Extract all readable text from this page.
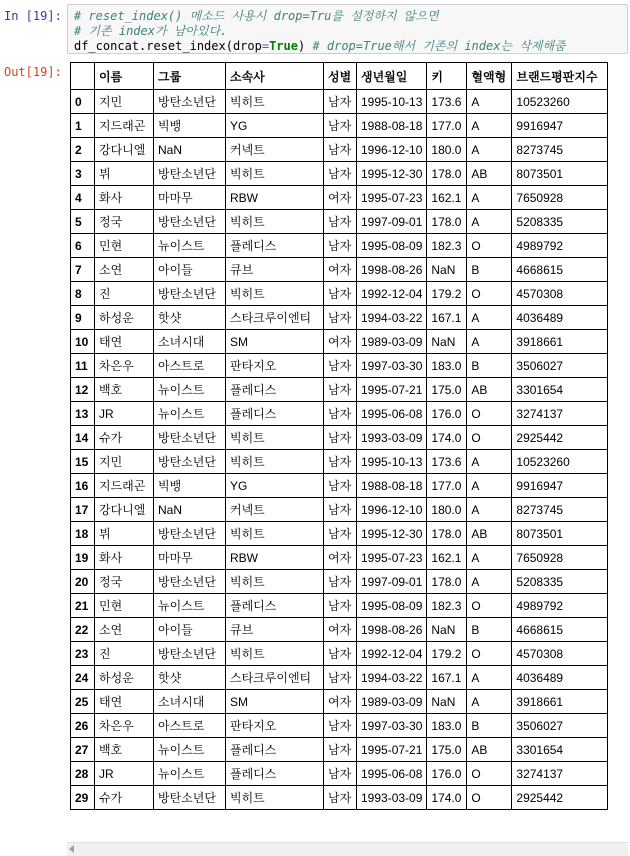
In [19]:	# reset_index() 메소드 사용시 drop=Tru를 설정하지 않으면
# 기존 index가 남아있다.
df_concat.reset_index(drop=True) # drop=True해서 기존의 index는 삭제해줌
Out[19]:
		이름	그룹	소속사	성별	생년월일	키	혈액형	브랜드평판지수
0	지민	방탄소년단	빅히트	남자	1995-10-13	173.6	A	10523260
1	지드래곤	빅뱅	YG	남자	1988-08-18	177.0	A	9916947
2	강다니엘	NaN	커넥트	남자	1996-12-10	180.0	A	8273745
3	뷔	방탄소년단	빅히트	남자	1995-12-30	178.0	AB	8073501
4	화사	마마무	RBW	여자	1995-07-23	162.1	A	7650928
5	정국	방탄소년단	빅히트	남자	1997-09-01	178.0	A	5208335
6	민현	뉴이스트	플레디스	남자	1995-08-09	182.3	O	4989792
7	소연	아이들	큐브	여자	1998-08-26	NaN	B	4668615
8	진	방탄소년단	빅히트	남자	1992-12-04	179.2	O	4570308
9	하성운	핫샷	스타크루이엔티	남자	1994-03-22	167.1	A	4036489
10	태연	소녀시대	SM	여자	1989-03-09	NaN	A	3918661
11	차은우	아스트로	판타지오	남자	1997-03-30	183.0	B	3506027
12	백호	뉴이스트	플레디스	남자	1995-07-21	175.0	AB	3301654
13	JR	뉴이스트	플레디스	남자	1995-06-08	176.0	O	3274137
14	슈가	방탄소년단	빅히트	남자	1993-03-09	174.0	O	2925442
15	지민	방탄소년단	빅히트	남자	1995-10-13	173.6	A	10523260
16	지드래곤	빅뱅	YG	남자	1988-08-18	177.0	A	9916947
17	강다니엘	NaN	커넥트	남자	1996-12-10	180.0	A	8273745
18	뷔	방탄소년단	빅히트	남자	1995-12-30	178.0	AB	8073501
19	화사	마마무	RBW	여자	1995-07-23	162.1	A	7650928
20	정국	방탄소년단	빅히트	남자	1997-09-01	178.0	A	5208335
21	민현	뉴이스트	플레디스	남자	1995-08-09	182.3	O	4989792
22	소연	아이들	큐브	여자	1998-08-26	NaN	B	4668615
23	진	방탄소년단	빅히트	남자	1992-12-04	179.2	O	4570308
24	하성운	핫샷	스타크루이엔티	남자	1994-03-22	167.1	A	4036489
25	태연	소녀시대	SM	여자	1989-03-09	NaN	A	3918661
26	차은우	아스트로	판타지오	남자	1997-03-30	183.0	B	3506027
27	백호	뉴이스트	플레디스	남자	1995-07-21	175.0	AB	3301654
28	JR	뉴이스트	플레디스	남자	1995-06-08	176.0	O	3274137
29	슈가	방탄소년단	빅히트	남자	1993-03-09	174.0	O	2925442
